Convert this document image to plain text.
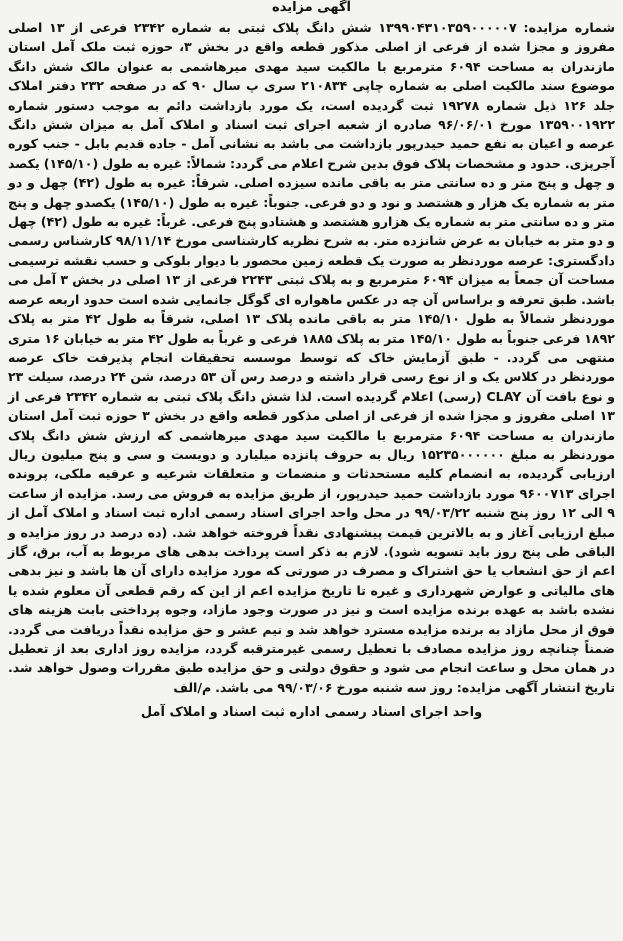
آگهی مزایده

شماره مزایده: ۱۳۹۹۰۴۳۱۰۳۵۹۰۰۰۰۰۷ شش دانگ پلاک ثبتی به شماره ۲۳۴۲ فرعی از ۱۳ اصلی مفروز و مجزا شده از فرعی از اصلی مذکور قطعه واقع در بخش ۳، حوزه ثبت ملک آمل استان مازندران به مساحت ۶۰۹۴ مترمربع با مالکیت سید مهدی میرهاشمی به عنوان مالک شش دانگ موضوع سند مالکیت اصلی به شماره چاپی ۲۱۰۸۳۴ سری پ سال ۹۰ که در صفحه ۲۳۲ دفتر املاک جلد ۱۲۶ ذیل شماره ۱۹۲۷۸ ثبت گردیده است، یک مورد بازداشت دائم به موجب دستور شماره ۱۳۵۹۰۰۱۹۲۲ مورخ ۹۶/۰۶/۰۱ صادره از شعبه اجرای ثبت اسناد و املاک آمل به میزان شش دانگ عرصه و اعیان به نفع حمید حیدرپور بازداشت می باشد به نشانی آمل - جاده قدیم بابل - جنب کوره آجرپزی. حدود و مشخصات پلاک فوق بدین شرح اعلام می گردد: شمالاً: غیره به طول (۱۴۵/۱۰) یکصد و چهل و پنج متر و ده سانتی متر به باقی مانده سیزده اصلی. شرقاً: غیره به طول (۴۲) چهل و دو متر به شماره یک هزار و هشتصد و نود و دو فرعی. جنوباً: غیره به طول (۱۴۵/۱۰) یکصدو چهل و پنج متر و ده سانتی متر به شماره یک هزارو هشتصد و هشتادو پنج فرعی. غرباً: غیره به طول (۴۲) چهل و دو متر به خیابان به عرض شانزده متر. به شرح نظریه کارشناسی مورخ ۹۸/۱۱/۱۴ کارشناس رسمی دادگستری: عرصه موردنظر به صورت یک قطعه زمین محصور با دیوار بلوکی و حسب نقشه ترسیمی مساحت آن جمعاً به میزان ۶۰۹۴ مترمربع و به پلاک ثبتی ۲۲۴۳ فرعی از ۱۳ اصلی در بخش ۳ آمل می باشد. طبق تعرفه و براساس آن چه در عکس ماهواره ای گوگل جانمایی شده است حدود اربعه عرصه موردنظر شمالاً به طول ۱۴۵/۱۰ متر به باقی مانده پلاک ۱۳ اصلی، شرقاً به طول ۴۲ متر به پلاک ۱۸۹۲ فرعی جنوباً به طول ۱۴۵/۱۰ متر به پلاک ۱۸۸۵ فرعی و غرباً به طول ۴۲ متر به خیابان ۱۶ متری منتهی می گردد. - طبق آزمایش خاک که توسط موسسه تحقیقات انجام پذیرفت خاک عرصه موردنظر در کلاس یک و از نوع رسی قرار داشته و درصد رس آن ۵۳ درصد، شن ۲۴ درصد، سیلت ۲۳ و نوع بافت آن CLAY (رسی) اعلام گردیده است. لذا شش دانگ پلاک ثبتی به شماره ۲۳۴۲ فرعی از ۱۳ اصلی مفروز و مجزا شده از فرعی از اصلی مذکور قطعه واقع در بخش ۳ حوزه ثبت آمل استان مازندران به مساحت ۶۰۹۴ مترمربع با مالکیت سید مهدی میرهاشمی که ارزش شش دانگ پلاک موردنظر به مبلغ ۱۵۲۳۵۰۰۰۰۰۰ ریال به حروف پانزده میلیارد و دویست و سی و پنج میلیون ریال ارزیابی گردیده، به انضمام کلیه مستحدثات و منضمات و متعلقات شرعیه و عرفیه ملکی، پرونده اجرای ۹۶۰۰۷۱۳ مورد بازداشت حمید حیدرپور، از طریق مزایده به فروش می رسد. مزایده از ساعت ۹ الی ۱۲ روز پنج شنبه ۹۹/۰۳/۲۲ در محل واحد اجرای اسناد رسمی اداره ثبت اسناد و املاک آمل از مبلغ ارزیابی آغاز و به بالاترین قیمت پیشنهادی نقداً فروخته خواهد شد. (ده درصد در روز مزایده و الباقی طی پنج روز باید تسویه شود). لازم به ذکر است پرداخت بدهی های مربوط به آب، برق، گاز اعم از حق انشعاب یا حق اشتراک و مصرف در صورتی که مورد مزایده دارای آن ها باشد و نیز بدهی های مالیاتی و عوارض شهرداری و غیره تا تاریخ مزایده اعم از این که رقم قطعی آن معلوم شده یا نشده باشد به عهده برنده مزایده است و نیز در صورت وجود مازاد، وجوه پرداختی بابت هزینه های فوق از محل مازاد به برنده مزایده مسترد خواهد شد و نیم عشر و حق مزایده نقداً دریافت می گردد. ضمناً چنانچه روز مزایده مصادف با تعطیل رسمی غیرمترقبه گردد، مزایده روز اداری بعد از تعطیل در همان محل و ساعت انجام می شود و حقوق دولتی و حق مزایده طبق مقررات وصول خواهد شد. تاریخ انتشار آگهی مزایده: روز سه شنبه مورخ ۹۹/۰۳/۰۶ می باشد. م/الف

واحد اجرای اسناد رسمی اداره ثبت اسناد و املاک آمل
